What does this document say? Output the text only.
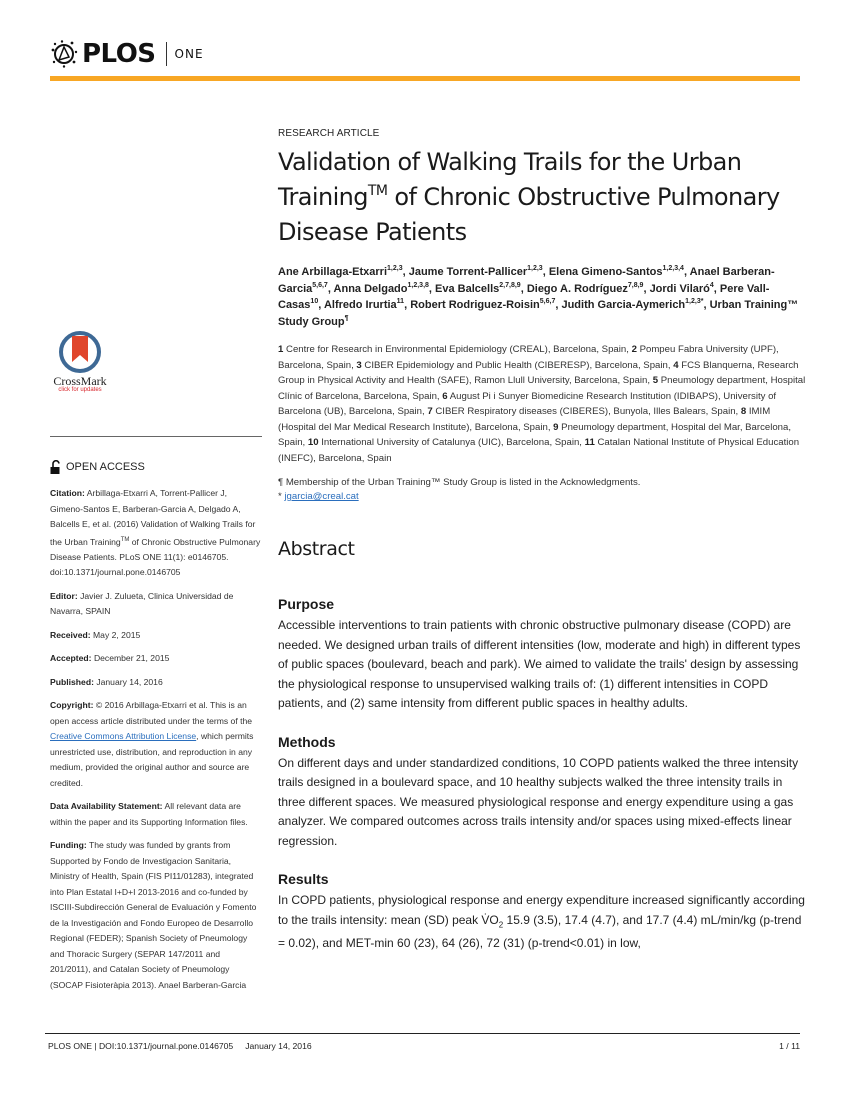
PLOS ONE
CrossMark
click for updates
OPEN ACCESS

Citation: Arbillaga-Etxarri A, Torrent-Pallicer J, Gimeno-Santos E, Barberan-Garcia A, Delgado A, Balcells E, et al. (2016) Validation of Walking Trails for the Urban Training™ of Chronic Obstructive Pulmonary Disease Patients. PLoS ONE 11(1): e0146705. doi:10.1371/journal.pone.0146705

Editor: Javier J. Zulueta, Clinica Universidad de Navarra, SPAIN

Received: May 2, 2015

Accepted: December 21, 2015

Published: January 14, 2016

Copyright: © 2016 Arbillaga-Etxarri et al. This is an open access article distributed under the terms of the Creative Commons Attribution License, which permits unrestricted use, distribution, and reproduction in any medium, provided the original author and source are credited.

Data Availability Statement: All relevant data are within the paper and its Supporting Information files.

Funding: The study was funded by grants from Supported by Fondo de Investigacion Sanitaria, Ministry of Health, Spain (FIS PI11/01283), integrated into Plan Estatal I+D+I 2013-2016 and co-funded by ISCIII-Subdirección General de Evaluación y Fomento de la Investigación and Fondo Europeo de Desarrollo Regional (FEDER); Spanish Society of Pneumology and Thoracic Surgery (SEPAR 147/2011 and 201/2011), and Catalan Society of Pneumology (SOCAP Fisioteràpia 2013). Anael Barberan-Garcia

RESEARCH ARTICLE
Validation of Walking Trails for the Urban Training™ of Chronic Obstructive Pulmonary Disease Patients
Ane Arbillaga-Etxarri$^{1,2,3}$, Jaume Torrent-Pallicer$^{1,2,3}$, Elena Gimeno-Santos$^{1,2,3,4}$, Anael Barberan-Garcia$^{5,6,7}$, Anna Delgado$^{1,2,3,8}$, Eva Balcells$^{2,7,8,9}$, Diego A. Rodríguez$^{7,8,9}$, Jordi Vilaró$^4$, Pere Vall-Casas$^{10}$, Alfredo Irurtia$^{11}$, Robert Rodriguez-Roisin$^{5,6,7}$, Judith Garcia-Aymerich$^{1,2,3*}$, Urban Training™ Study Group¶
1 Centre for Research in Environmental Epidemiology (CREAL), Barcelona, Spain, 2 Pompeu Fabra University (UPF), Barcelona, Spain, 3 CIBER Epidemiology and Public Health (CIBERESP), Barcelona, Spain, 4 FCS Blanquerna, Research Group in Physical Activity and Health (SAFE), Ramon Llull University, Barcelona, Spain, 5 Pneumology department, Hospital Clínic of Barcelona, Barcelona, Spain, 6 August Pi i Sunyer Biomedicine Research Institution (IDIBAPS), University of Barcelona (UB), Barcelona, Spain, 7 CIBER Respiratory diseases (CIBERES), Bunyola, Illes Balears, Spain, 8 IMIM (Hospital del Mar Medical Research Institute), Barcelona, Spain, 9 Pneumology department, Hospital del Mar, Barcelona, Spain, 10 International University of Catalunya (UIC), Barcelona, Spain, 11 Catalan National Institute of Physical Education (INEFC), Barcelona, Spain
¶ Membership of the Urban Training™ Study Group is listed in the Acknowledgments.
* jgarcia@creal.cat
Abstract
Purpose

Accessible interventions to train patients with chronic obstructive pulmonary disease (COPD) are needed. We designed urban trails of different intensities (low, moderate and high) in different types of public spaces (boulevard, beach and park). We aimed to validate the trails' design by assessing the physiological response to unsupervised walking trails of: (1) different intensities in COPD patients, and (2) same intensity from different public spaces in healthy adults.

Methods

On different days and under standardized conditions, 10 COPD patients walked the three intensity trails designed in a boulevard space, and 10 healthy subjects walked the three intensity trails in three different spaces. We measured physiological response and energy expenditure using a gas analyzer. We compared outcomes across trails intensity and/or spaces using mixed-effects linear regression.

Results

In COPD patients, physiological response and energy expenditure increased significantly according to the trails intensity: mean (SD) peak $V̇O_2$ 15.9 (3.5), 17.4 (4.7), and 17.7 (4.4) mL/min/kg (p-trend = 0.02), and MET-min 60 (23), 64 (26), 72 (31) (p-trend<0.01) in low,

PLOS ONE | DOI:10.1371/journal.pone.0146705 January 14, 2016	1 / 11
